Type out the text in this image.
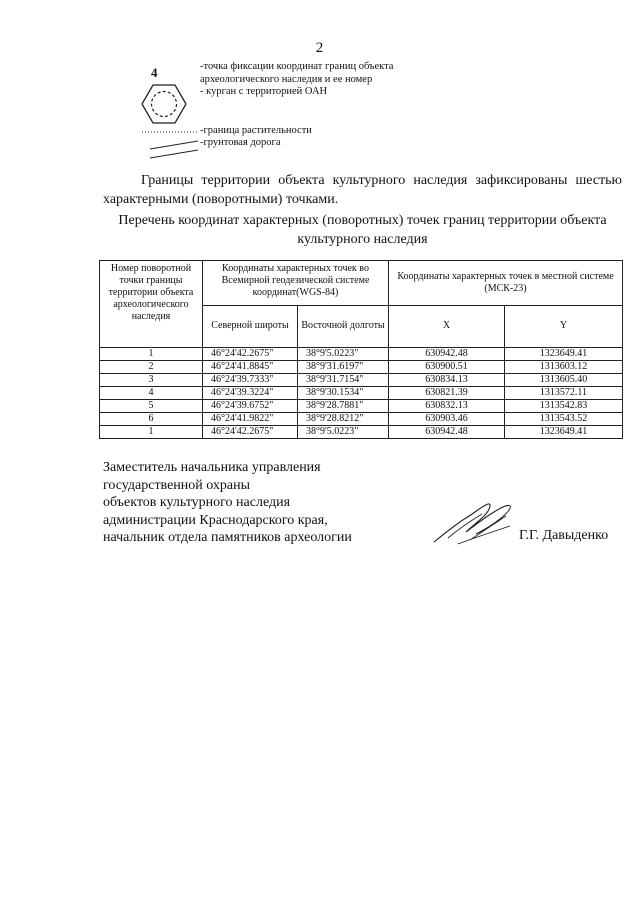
2
4	-точка фиксации координат границ объекта археологического наследия и ее номер
- курган с территорией ОАН
-граница растительности
-грунтовая дорога
Границы территории объекта культурного наследия зафиксированы шестью характерными (поворотными) точками.
Перечень координат характерных (поворотных) точек границ территории объекта культурного наследия
Номер поворотной точки границы территории объекта археологического наследия	Координаты характерных точек во Всемирной геодезической системе координат(WGS-84)		Координаты характерных точек в местной системе (МСК-23)	
	Северной широты	Восточной долготы	X	Y
1	46°24'42.2675"	38°9'5.0223"	630942.48	1323649.41
2	46°24'41.8845"	38°9'31.6197"	630900.51	1313603.12
3	46°24'39.7333"	38°9'31.7154"	630834.13	1313605.40
4	46°24'39.3224"	38°9'30.1534"	630821.39	1313572.11
5	46°24'39.6752"	38°9'28.7881"	630832.13	1313542.83
6	46°24'41.9822"	38°9'28.8212"	630903.46	1313543.52
1	46°24'42.2675"	38°9'5.0223"	630942.48	1323649.41
Заместитель начальника управления
государственной охраны
объектов культурного наследия
администрации Краснодарского края,
начальник отдела памятников археологии	Г.Г. Давыденко
